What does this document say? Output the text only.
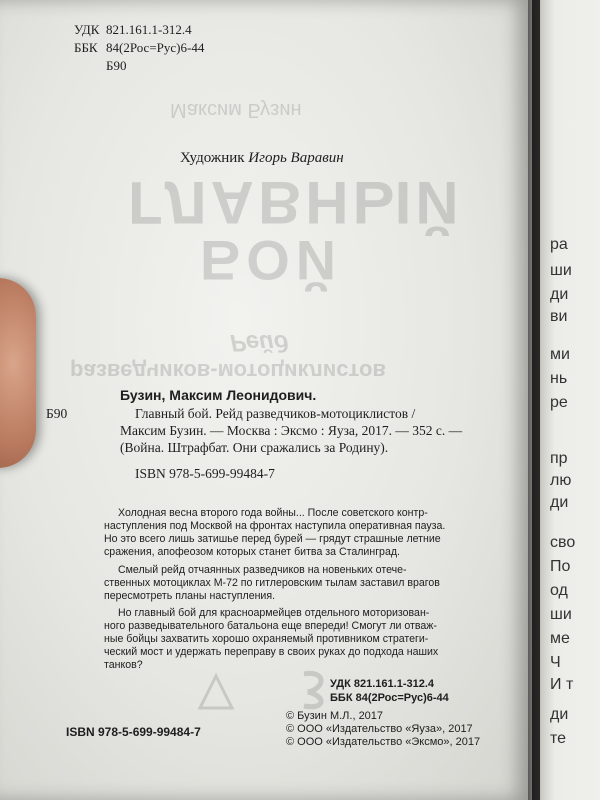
ра
ши
ди
ви
ми
нь
ре
пр
лю
ди
сво
По
од
ши
ме
Ч
И т
ди
те
Максим Бузин
ГЛАВНЫЙ
БОЙ
Рейд
разведчиков-мотоциклистов
УДК 821.161.1-312.4
ББК 84(2Рос=Рус)6-44
Б90
Художник Игорь Варавин
Бузин, Максим Леонидович.
Б90	Главный бой. Рейд разведчиков-мотоциклистов /
Максим Бузин. — Москва : Эксмо : Яуза, 2017. — 352 с. —
(Война. Штрафбат. Они сражались за Родину).
ISBN 978-5-699-99484-7
Холодная весна второго года войны... После советского контр-
наступления под Москвой на фронтах наступила оперативная пауза.
Но это всего лишь затишье перед бурей — грядут страшные летние
сражения, апофеозом которых станет битва за Сталинград.
Смелый рейд отчаянных разведчиков на новеньких отече-
ственных мотоциклах М-72 по гитлеровским тылам заставил врагов
пересмотреть планы наступления.
Но главный бой для красноармейцев отдельного моторизован-
ного разведывательного батальона еще впереди! Смогут ли отваж-
ные бойцы захватить хорошо охраняемый противником стратеги-
ческий мост и удержать переправу в своих руках до подхода наших
танков?
УДК 821.161.1-312.4
ББК 84(2Рос=Рус)6-44
ISBN 978-5-699-99484-7
© Бузин М.Л., 2017
© ООО «Издательство «Яуза», 2017
© ООО «Издательство «Эксмо», 2017
